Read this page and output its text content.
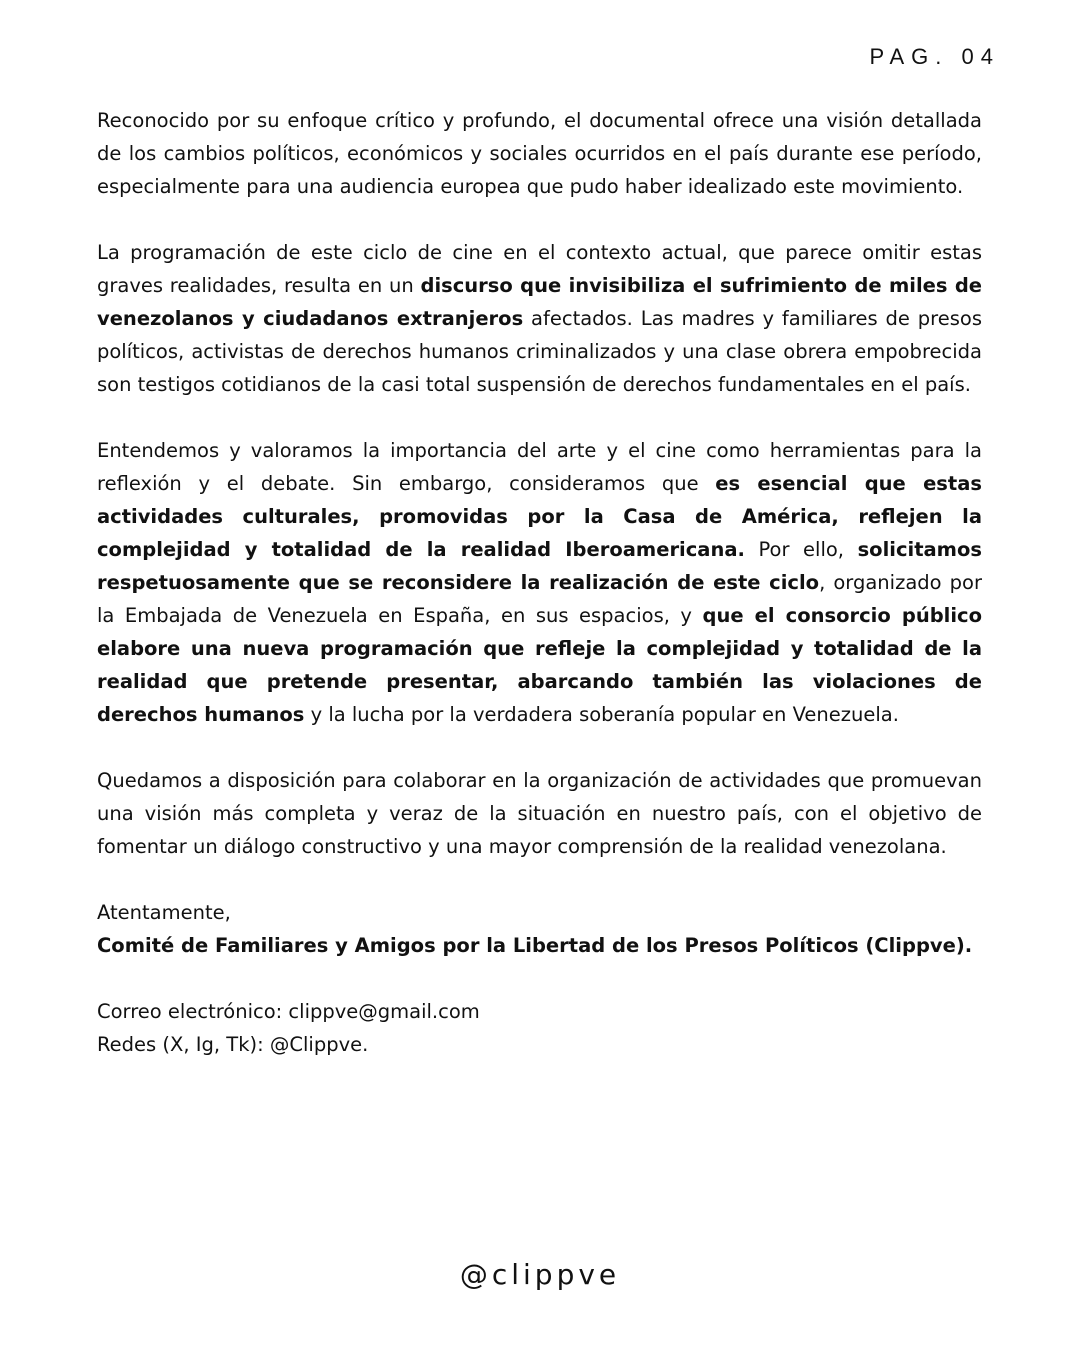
PAG. 04

Reconocido por su enfoque crítico y profundo, el documental ofrece una visión detallada de los cambios políticos, económicos y sociales ocurridos en el país durante ese período, especialmente para una audiencia europea que pudo haber idealizado este movimiento.

La programación de este ciclo de cine en el contexto actual, que parece omitir estas graves realidades, resulta en un discurso que invisibiliza el sufrimiento de miles de venezolanos y ciudadanos extranjeros afectados. Las madres y familiares de presos políticos, activistas de derechos humanos criminalizados y una clase obrera empobrecida son testigos cotidianos de la casi total suspensión de derechos fundamentales en el país.

Entendemos y valoramos la importancia del arte y el cine como herramientas para la reflexión y el debate. Sin embargo, consideramos que es esencial que estas actividades culturales, promovidas por la Casa de América, reflejen la complejidad y totalidad de la realidad Iberoamericana. Por ello, solicitamos respetuosamente que se reconsidere la realización de este ciclo, organizado por la Embajada de Venezuela en España, en sus espacios, y que el consorcio público elabore una nueva programación que refleje la complejidad y totalidad de la realidad que pretende presentar, abarcando también las violaciones de derechos humanos y la lucha por la verdadera soberanía popular en Venezuela.

Quedamos a disposición para colaborar en la organización de actividades que promuevan una visión más completa y veraz de la situación en nuestro país, con el objetivo de fomentar un diálogo constructivo y una mayor comprensión de la realidad venezolana.

Atentamente,
Comité de Familiares y Amigos por la Libertad de los Presos Políticos (Clippve).

Correo electrónico: clippve@gmail.com
Redes (X, Ig, Tk): @Clippve.
@clippve
